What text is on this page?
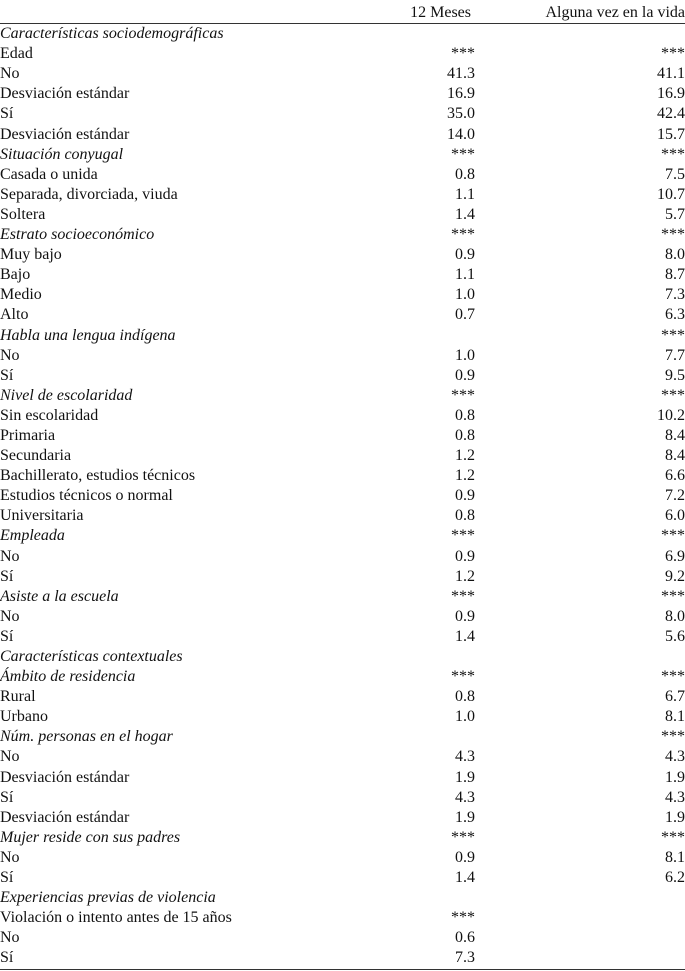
	12 Meses	Alguna vez en la vida
Características sociodemográficas		
Edad	***	***
No	41.3	41.1
Desviación estándar	16.9	16.9
Sí	35.0	42.4
Desviación estándar	14.0	15.7
Situación conyugal	***	***
Casada o unida	0.8	7.5
Separada, divorciada, viuda	1.1	10.7
Soltera	1.4	5.7
Estrato socioeconómico	***	***
Muy bajo	0.9	8.0
Bajo	1.1	8.7
Medio	1.0	7.3
Alto	0.7	6.3
Habla una lengua indígena		***
No	1.0	7.7
Sí	0.9	9.5
Nivel de escolaridad	***	***
Sin escolaridad	0.8	10.2
Primaria	0.8	8.4
Secundaria	1.2	8.4
Bachillerato, estudios técnicos	1.2	6.6
Estudios técnicos o normal	0.9	7.2
Universitaria	0.8	6.0
Empleada	***	***
No	0.9	6.9
Sí	1.2	9.2
Asiste a la escuela	***	***
No	0.9	8.0
Sí	1.4	5.6
Características contextuales		
Ámbito de residencia	***	***
Rural	0.8	6.7
Urbano	1.0	8.1
Núm. personas en el hogar		***
No	4.3	4.3
Desviación estándar	1.9	1.9
Sí	4.3	4.3
Desviación estándar	1.9	1.9
Mujer reside con sus padres	***	***
No	0.9	8.1
Sí	1.4	6.2
Experiencias previas de violencia		
Violación o intento antes de 15 años	***	
No	0.6	
Sí	7.3	
